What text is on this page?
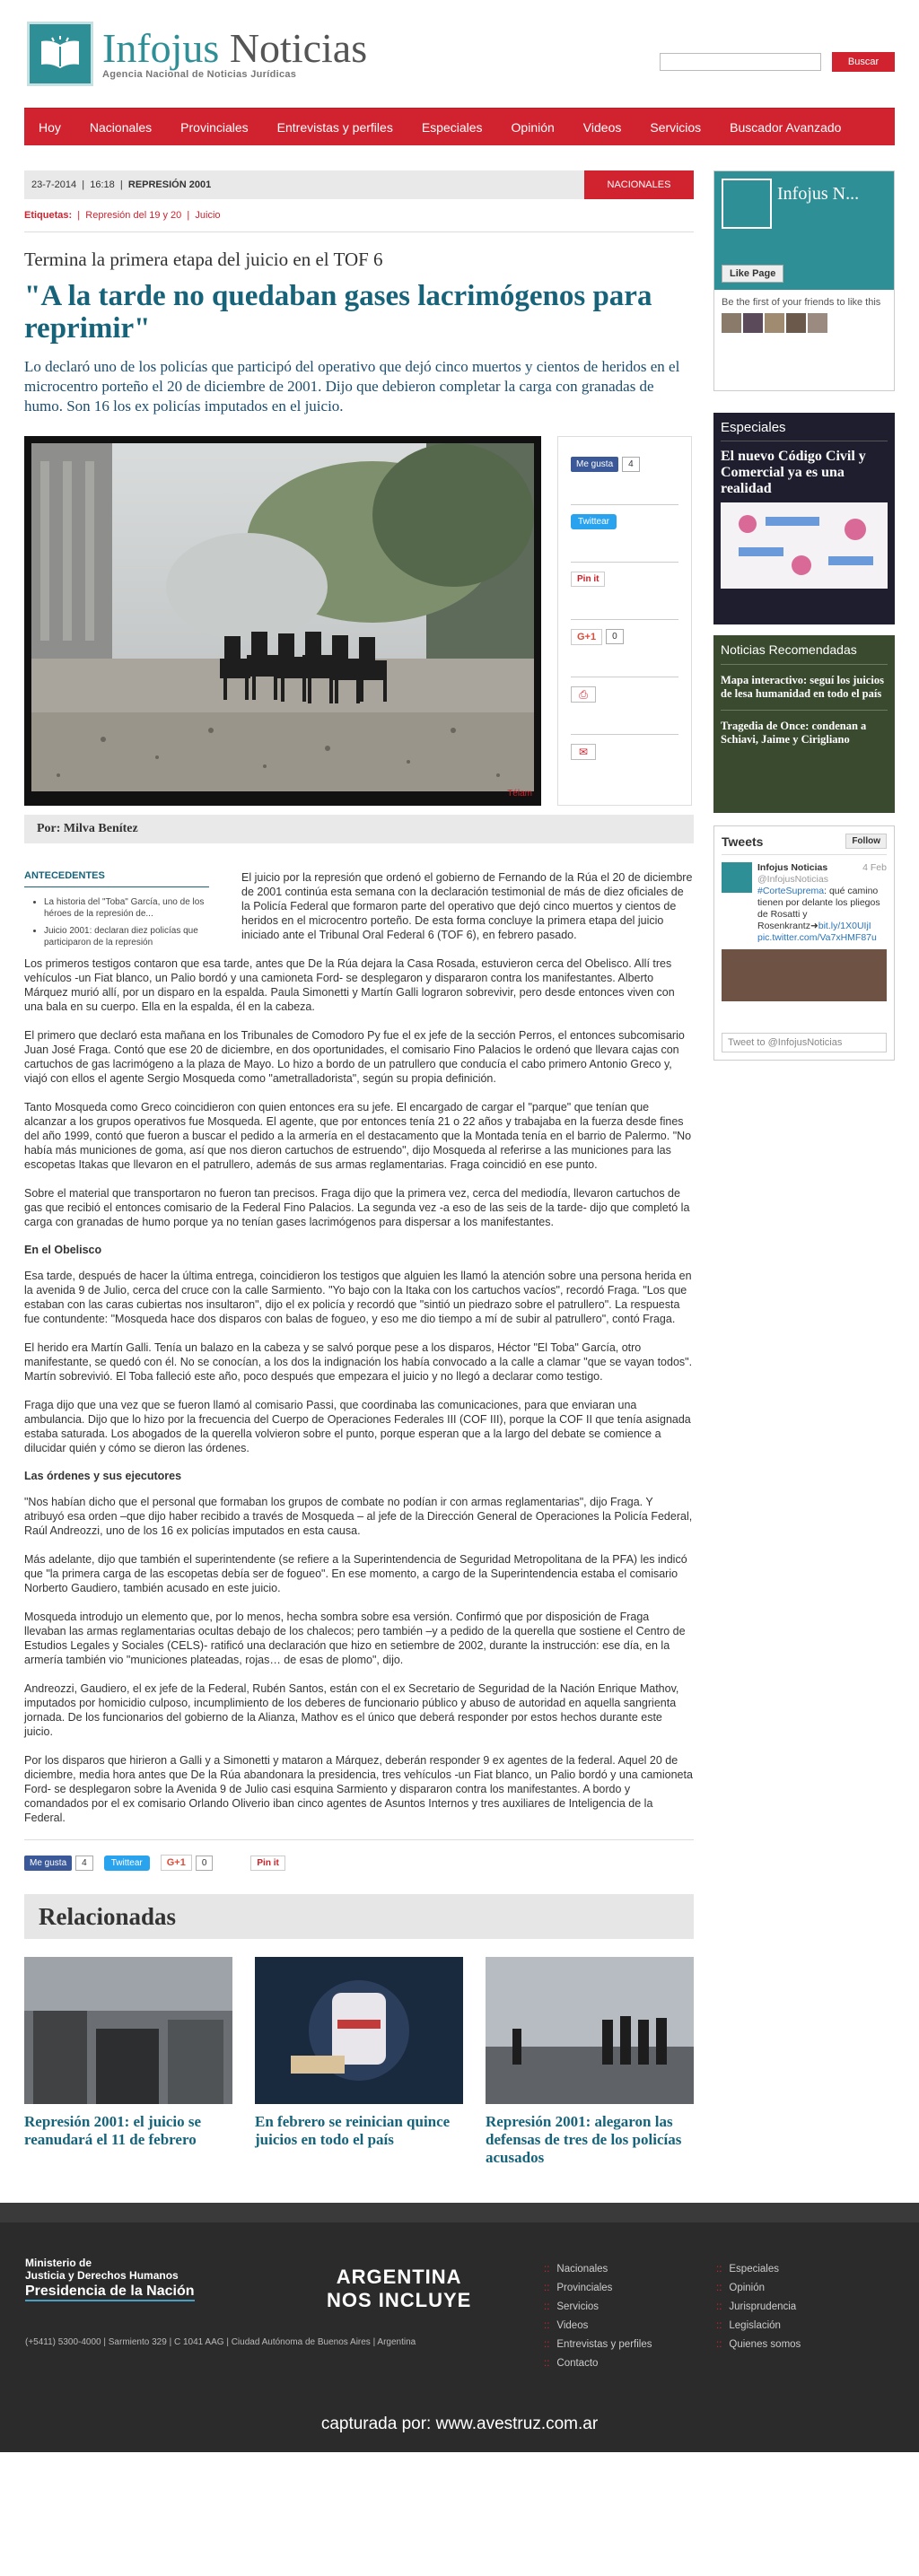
Infojus Noticias
Agencia Nacional de Noticias Jurídicas
Buscar
Hoy	Nacionales	Provinciales	Entrevistas y perfiles	Especiales	Opinión	Videos	Servicios	Buscador Avanzado
23-7-2014  |  16:18  |  REPRESIÓN 2001	NACIONALES
Etiquetas:  |  Represión del 19 y 20  |  Juicio
Termina la primera etapa del juicio en el TOF 6
"A la tarde no quedaban gases lacrimógenos para reprimir"

Lo declaró uno de los policías que participó del operativo que dejó cinco muertos y cientos de heridos en el microcentro porteño el 20 de diciembre de 2001. Dijo que debieron completar la carga con granadas de humo. Son 16 los ex policías imputados en el juicio.

Télam
Me gusta	4
Twittear
Pin it
G+1	0
⎙
✉
Por: Milva Benítez
ANTECEDENTES
• La historia del "Toba" García, uno de los héroes de la represión de...
• Juicio 2001: declaran diez policías que participaron de la represión

El juicio por la represión que ordenó el gobierno de Fernando de la Rúa el 20 de diciembre de 2001 continúa esta semana con la declaración testimonial de más de diez oficiales de la Policía Federal que formaron parte del operativo que dejó cinco muertos y cientos de heridos en el microcentro porteño. De esta forma concluye la primera etapa del juicio iniciado ante el Tribunal Oral Federal 6 (TOF 6), en febrero pasado.

Los primeros testigos contaron que esa tarde, antes que De la Rúa dejara la Casa Rosada, estuvieron cerca del Obelisco. Allí tres vehículos -un Fiat blanco, un Palio bordó y una camioneta Ford- se desplegaron y dispararon contra los manifestantes. Alberto Márquez murió allí, por un disparo en la espalda. Paula Simonetti y Martín Galli lograron sobrevivir, pero desde entonces viven con una bala en su cuerpo. Ella en la espalda, él en la cabeza.

El primero que declaró esta mañana en los Tribunales de Comodoro Py fue el ex jefe de la sección Perros, el entonces subcomisario Juan José Fraga. Contó que ese 20 de diciembre, en dos oportunidades, el comisario Fino Palacios le ordenó que llevara cajas con cartuchos de gas lacrimógeno a la plaza de Mayo. Lo hizo a bordo de un patrullero que conducía el cabo primero Antonio Greco y, viajó con ellos el agente Sergio Mosqueda como "ametralladorista", según su propia definición.

Tanto Mosqueda como Greco coincidieron con quien entonces era su jefe. El encargado de cargar el "parque" que tenían que alcanzar a los grupos operativos fue Mosqueda. El agente, que por entonces tenía 21 o 22 años y trabajaba en la fuerza desde fines del año 1999, contó que fueron a buscar el pedido a la armería en el destacamento que la Montada tenía en el barrio de Palermo. "No había más municiones de goma, así que nos dieron cartuchos de estruendo", dijo Mosqueda al referirse a las municiones para las escopetas Itakas que llevaron en el patrullero, además de sus armas reglamentarias. Fraga coincidió en ese punto.

Sobre el material que transportaron no fueron tan precisos. Fraga dijo que la primera vez, cerca del mediodía, llevaron cartuchos de gas que recibió el entonces comisario de la Federal Fino Palacios. La segunda vez -a eso de las seis de la tarde- dijo que completó la carga con granadas de humo porque ya no tenían gases lacrimógenos para dispersar a los manifestantes.

En el Obelisco

Esa tarde, después de hacer la última entrega, coincidieron los testigos que alguien les llamó la atención sobre una persona herida en la avenida 9 de Julio, cerca del cruce con la calle Sarmiento. "Yo bajo con la Itaka con los cartuchos vacíos", recordó Fraga. "Los que estaban con las caras cubiertas nos insultaron", dijo el ex policía y recordó que "sintió un piedrazo sobre el patrullero". La respuesta fue contundente: "Mosqueda hace dos disparos con balas de fogueo, y eso me dio tiempo a mí de subir al patrullero", contó Fraga.

El herido era Martín Galli. Tenía un balazo en la cabeza y se salvó porque pese a los disparos, Héctor "El Toba" García, otro manifestante, se quedó con él. No se conocían, a los dos la indignación los había convocado a la calle a clamar "que se vayan todos". Martín sobrevivió. El Toba falleció este año, poco después que empezara el juicio y no llegó a declarar como testigo.

Fraga dijo que una vez que se fueron llamó al comisario Passi, que coordinaba las comunicaciones, para que enviaran una ambulancia. Dijo que lo hizo por la frecuencia del Cuerpo de Operaciones Federales III (COF III), porque la COF II que tenía asignada estaba saturada. Los abogados de la querella volvieron sobre el punto, porque esperan que a la largo del debate se comience a dilucidar quién y cómo se dieron las órdenes.

Las órdenes y sus ejecutores

"Nos habían dicho que el personal que formaban los grupos de combate no podían ir con armas reglamentarias", dijo Fraga. Y atribuyó esa orden –que dijo haber recibido a través de Mosqueda – al jefe de la Dirección General de Operaciones la Policía Federal, Raúl Andreozzi, uno de los 16 ex policías imputados en esta causa.

Más adelante, dijo que también el superintendente (se refiere a la Superintendencia de Seguridad Metropolitana de la PFA) les indicó que "la primera carga de las escopetas debía ser de fogueo". En ese momento, a cargo de la Superintendencia estaba el comisario Norberto Gaudiero, también acusado en este juicio.

Mosqueda introdujo un elemento que, por lo menos, hecha sombra sobre esa versión. Confirmó que por disposición de Fraga llevaban las armas reglamentarias ocultas debajo de los chalecos; pero también –y a pedido de la querella que sostiene el Centro de Estudios Legales y Sociales (CELS)- ratificó una declaración que hizo en setiembre de 2002, durante la instrucción: ese día, en la armería también vio "municiones plateadas, rojas… de esas de plomo", dijo.

Andreozzi, Gaudiero, el ex jefe de la Federal, Rubén Santos, están con el ex Secretario de Seguridad de la Nación Enrique Mathov, imputados por homicidio culposo, incumplimiento de los deberes de funcionario público y abuso de autoridad en aquella sangrienta jornada. De los funcionarios del gobierno de la Alianza, Mathov es el único que deberá responder por estos hechos durante este juicio.

Por los disparos que hirieron a Galli y a Simonetti y mataron a Márquez, deberán responder 9 ex agentes de la federal. Aquel 20 de diciembre, media hora antes que De la Rúa abandonara la presidencia, tres vehículos -un Fiat blanco, un Palio bordó y una camioneta Ford- se desplegaron sobre la Avenida 9 de Julio casi esquina Sarmiento y dispararon contra los manifestantes. A bordo y comandados por el ex comisario Orlando Oliverio iban cinco agentes de Asuntos Internos y tres auxiliares de Inteligencia de la Federal.

Me gusta	4	Twittear	G+1	0	Pin it
Relacionadas
Represión 2001: el juicio se reanudará el 11 de febrero
En febrero se reinician quince juicios en todo el país
Represión 2001: alegaron las defensas de tres de los policías acusados
Infojus N...
Like Page
Be the first of your friends to like this
Especiales
El nuevo Código Civil y Comercial ya es una realidad
Noticias Recomendadas
Mapa interactivo: seguí los juicios de lesa humanidad en todo el país
Tragedia de Once: condenan a Schiavi, Jaime y Cirigliano
Tweets	Follow
Infojus Noticias	4 Feb
@InfojusNoticias
#CorteSuprema: qué camino tienen por delante los pliegos de Rosatti y Rosenkrantz➜bit.ly/1X0UIjI pic.twitter.com/Va7xHMF87u
Tweet to @InfojusNoticias
Ministerio de
Justicia y Derechos Humanos
Presidencia de la Nación
(+5411) 5300-4000 | Sarmiento 329 | C 1041 AAG | Ciudad Autónoma de Buenos Aires | Argentina
ARGENTINA
NOS INCLUYE
:: Nacionales
:: Provinciales
:: Servicios
:: Videos
:: Entrevistas y perfiles
:: Contacto
:: Especiales
:: Opinión
:: Jurisprudencia
:: Legislación
:: Quienes somos
capturada por: www.avestruz.com.ar
